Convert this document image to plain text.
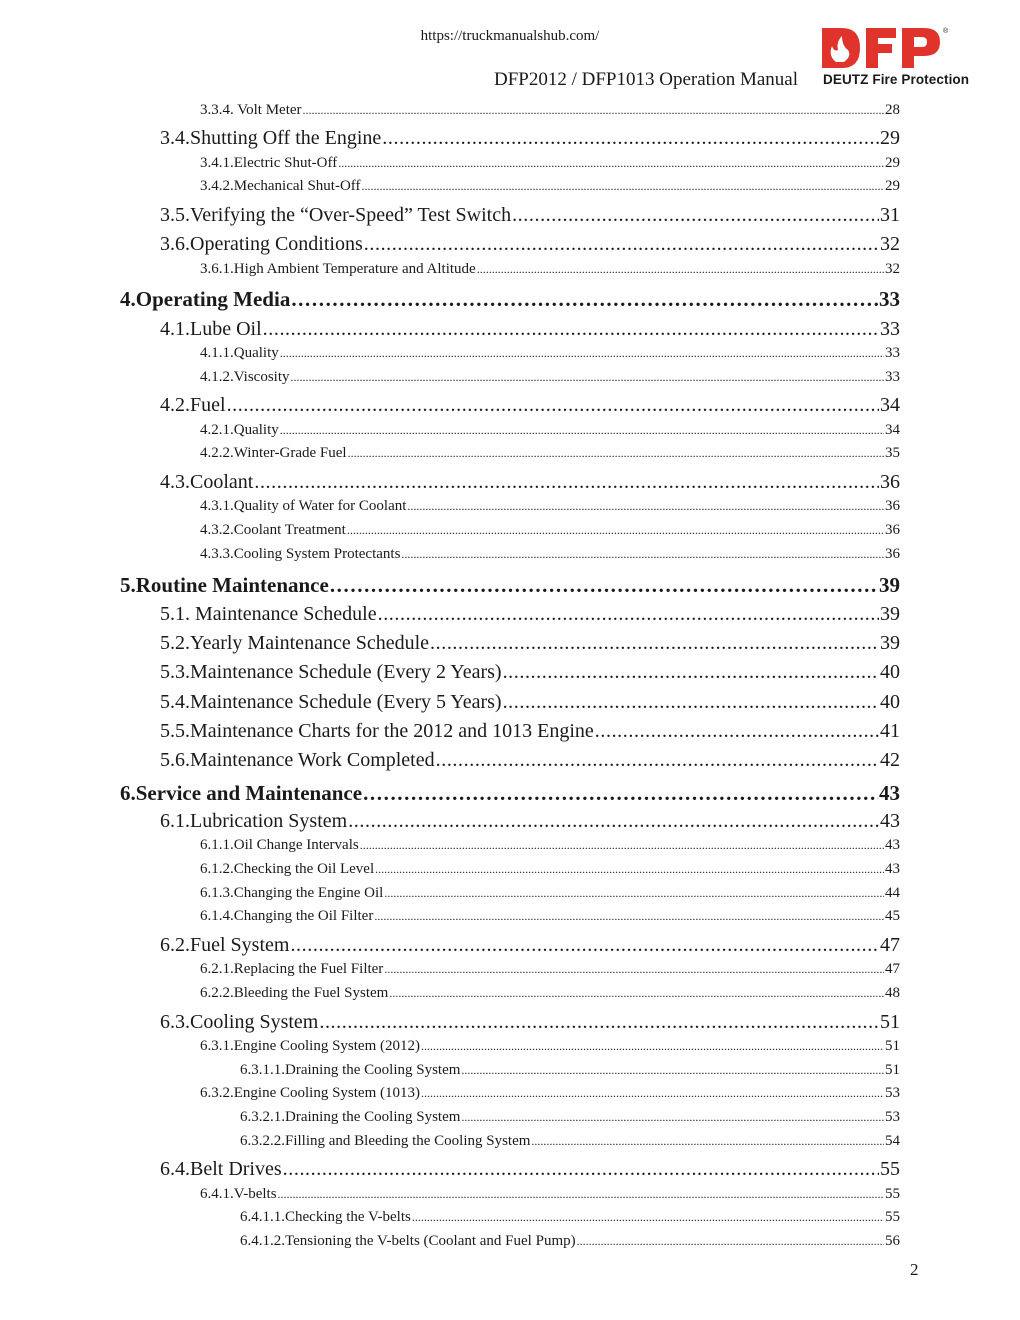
https://truckmanualshub.com/
DFP2012 / DFP1013 Operation Manual
®
DEUTZ Fire Protection
3.3.4. Volt Meter .....	28
3.4.Shutting Off the Engine .....	29
3.4.1.Electric Shut-Off .....	29
3.4.2.Mechanical Shut-Off .....	29
3.5.Verifying the “Over-Speed” Test Switch .....	31
3.6.Operating Conditions .....	32
3.6.1.High Ambient Temperature and Altitude .....	32
4.Operating Media .....	33
4.1.Lube Oil .....	33
4.1.1.Quality .....	33
4.1.2.Viscosity .....	33
4.2.Fuel .....	34
4.2.1.Quality .....	34
4.2.2.Winter-Grade Fuel .....	35
4.3.Coolant .....	36
4.3.1.Quality of Water for Coolant .....	36
4.3.2.Coolant Treatment .....	36
4.3.3.Cooling System Protectants .....	36
5.Routine Maintenance .....	39
5.1. Maintenance Schedule .....	39
5.2.Yearly Maintenance Schedule .....	39
5.3.Maintenance Schedule (Every 2 Years) .....	40
5.4.Maintenance Schedule (Every 5 Years) .....	40
5.5.Maintenance Charts for the 2012 and 1013 Engine .....	41
5.6.Maintenance Work Completed .....	42
6.Service and Maintenance .....	43
6.1.Lubrication System .....	43
6.1.1.Oil Change Intervals .....	43
6.1.2.Checking the Oil Level .....	43
6.1.3.Changing the Engine Oil .....	44
6.1.4.Changing the Oil Filter .....	45
6.2.Fuel System .....	47
6.2.1.Replacing the Fuel Filter .....	47
6.2.2.Bleeding the Fuel System .....	48
6.3.Cooling System .....	51
6.3.1.Engine Cooling System (2012) .....	51
6.3.1.1.Draining the Cooling System .....	51
6.3.2.Engine Cooling System (1013) .....	53
6.3.2.1.Draining the Cooling System .....	53
6.3.2.2.Filling and Bleeding the Cooling System .....	54
6.4.Belt Drives .....	55
6.4.1.V-belts .....	55
6.4.1.1.Checking the V-belts .....	55
6.4.1.2.Tensioning the V-belts (Coolant and Fuel Pump) .....	56
2
